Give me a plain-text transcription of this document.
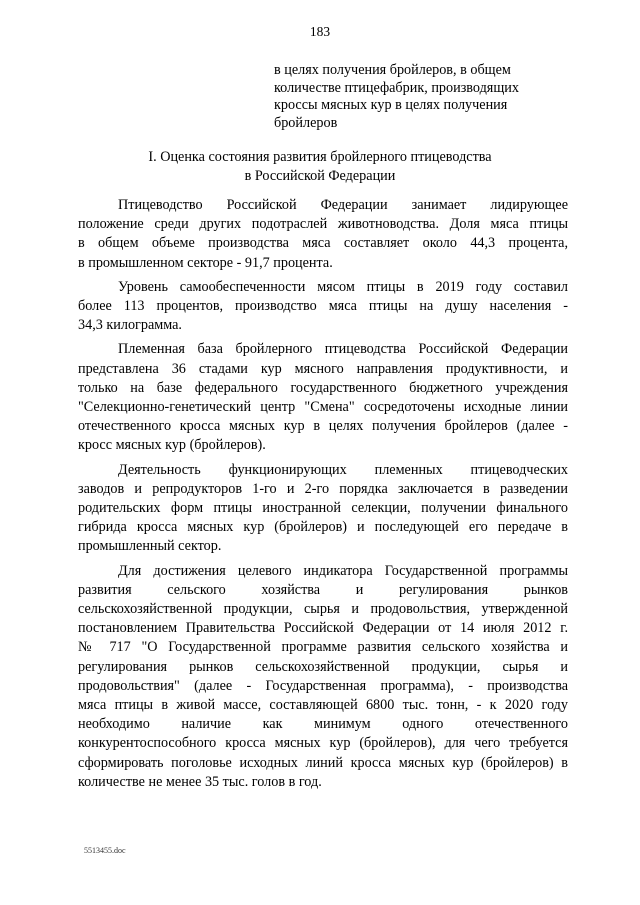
183
в целях получения бройлеров, в общем
количестве птицефабрик, производящих
кроссы мясных кур в целях получения
бройлеров
I. Оценка состояния развития бройлерного птицеводства
в Российской Федерации
Птицеводство Российской Федерации занимает лидирующее
положение среди других подотраслей животноводства. Доля мяса птицы
в общем объеме производства мяса составляет около 44,3 процента,
в промышленном секторе - 91,7 процента.
Уровень самообеспеченности мясом птицы в 2019 году составил
более 113 процентов, производство мяса птицы на душу населения -
34,3 килограмма.
Племенная база бройлерного птицеводства Российской Федерации
представлена 36 стадами кур мясного направления продуктивности, и
только на базе федерального государственного бюджетного учреждения
"Селекционно-генетический центр "Смена" сосредоточены исходные линии
отечественного кросса мясных кур в целях получения бройлеров (далее -
кросс мясных кур (бройлеров).
Деятельность функционирующих племенных птицеводческих
заводов и репродукторов 1-го и 2-го порядка заключается в разведении
родительских форм птицы иностранной селекции, получении финального
гибрида кросса мясных кур (бройлеров) и последующей его передаче в
промышленный сектор.
Для достижения целевого индикатора Государственной программы
развития сельского хозяйства и регулирования рынков
сельскохозяйственной продукции, сырья и продовольствия, утвержденной
постановлением Правительства Российской Федерации от 14 июля 2012 г.
№ 717 "О Государственной программе развития сельского хозяйства и
регулирования рынков сельскохозяйственной продукции, сырья и
продовольствия" (далее - Государственная программа), - производства
мяса птицы в живой массе, составляющей 6800 тыс. тонн, - к 2020 году
необходимо наличие как минимум одного отечественного
конкурентоспособного кросса мясных кур (бройлеров), для чего требуется
сформировать поголовье исходных линий кросса мясных кур (бройлеров) в
количестве не менее 35 тыс. голов в год.
5513455.doc
